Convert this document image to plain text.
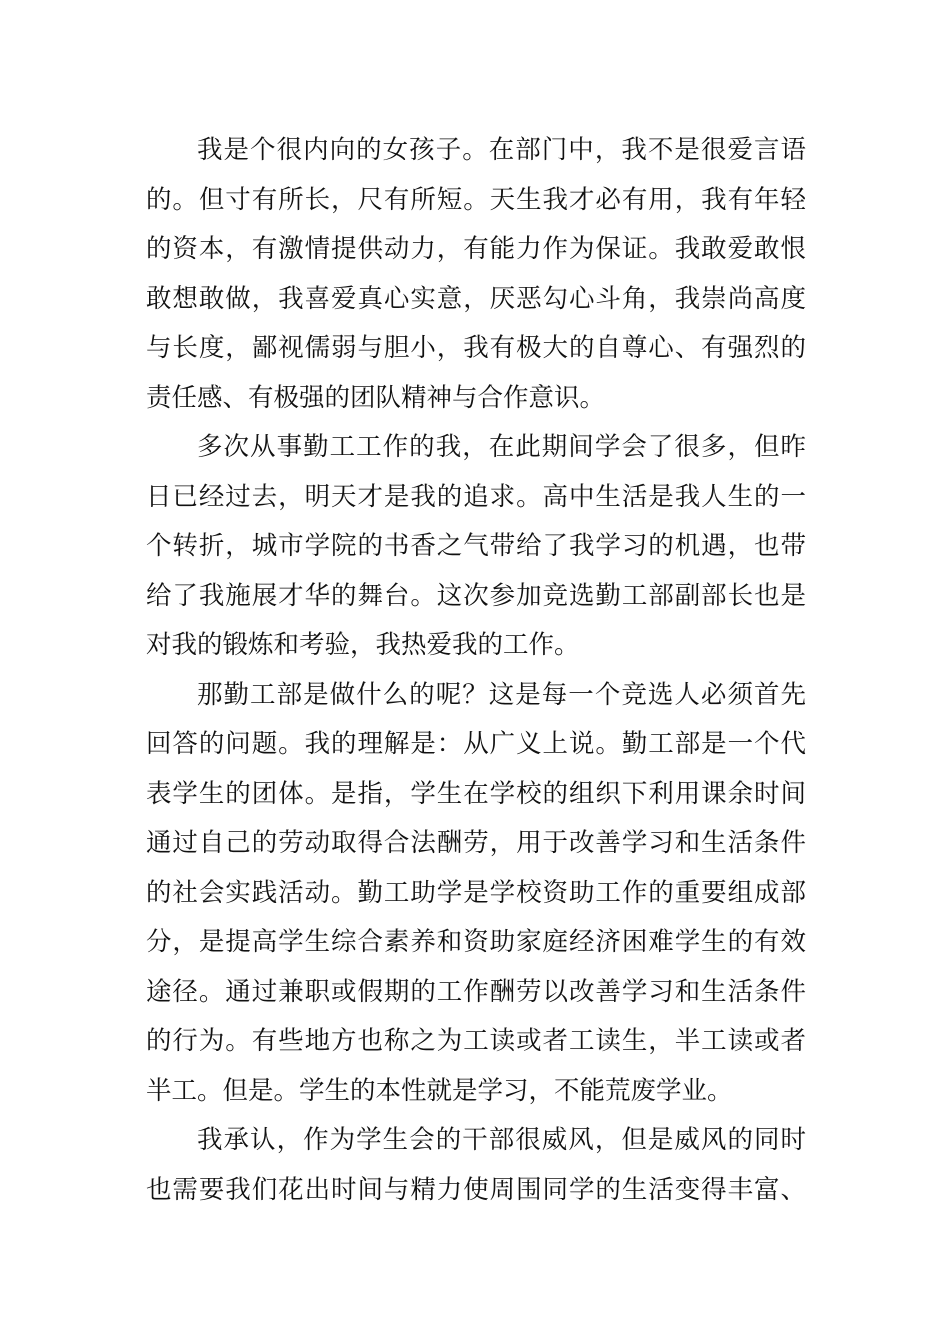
我是个很内向的女孩子。在部门中，我不是很爱言语
的。但寸有所长，尺有所短。天生我才必有用，我有年轻
的资本，有激情提供动力，有能力作为保证。我敢爱敢恨
敢想敢做，我喜爱真心实意，厌恶勾心斗角，我崇尚高度
与长度，鄙视儒弱与胆小，我有极大的自尊心、有强烈的
责任感、有极强的团队精神与合作意识。
多次从事勤工工作的我，在此期间学会了很多，但昨
日已经过去，明天才是我的追求。高中生活是我人生的一
个转折，城市学院的书香之气带给了我学习的机遇，也带
给了我施展才华的舞台。这次参加竞选勤工部副部长也是
对我的锻炼和考验，我热爱我的工作。
那勤工部是做什么的呢？这是每一个竞选人必须首先
回答的问题。我的理解是：从广义上说。勤工部是一个代
表学生的团体。是指，学生在学校的组织下利用课余时间
通过自己的劳动取得合法酬劳，用于改善学习和生活条件
的社会实践活动。勤工助学是学校资助工作的重要组成部
分，是提高学生综合素养和资助家庭经济困难学生的有效
途径。通过兼职或假期的工作酬劳以改善学习和生活条件
的行为。有些地方也称之为工读或者工读生，半工读或者
半工。但是。学生的本性就是学习，不能荒废学业。
我承认，作为学生会的干部很威风，但是威风的同时
也需要我们花出时间与精力使周围同学的生活变得丰富、
